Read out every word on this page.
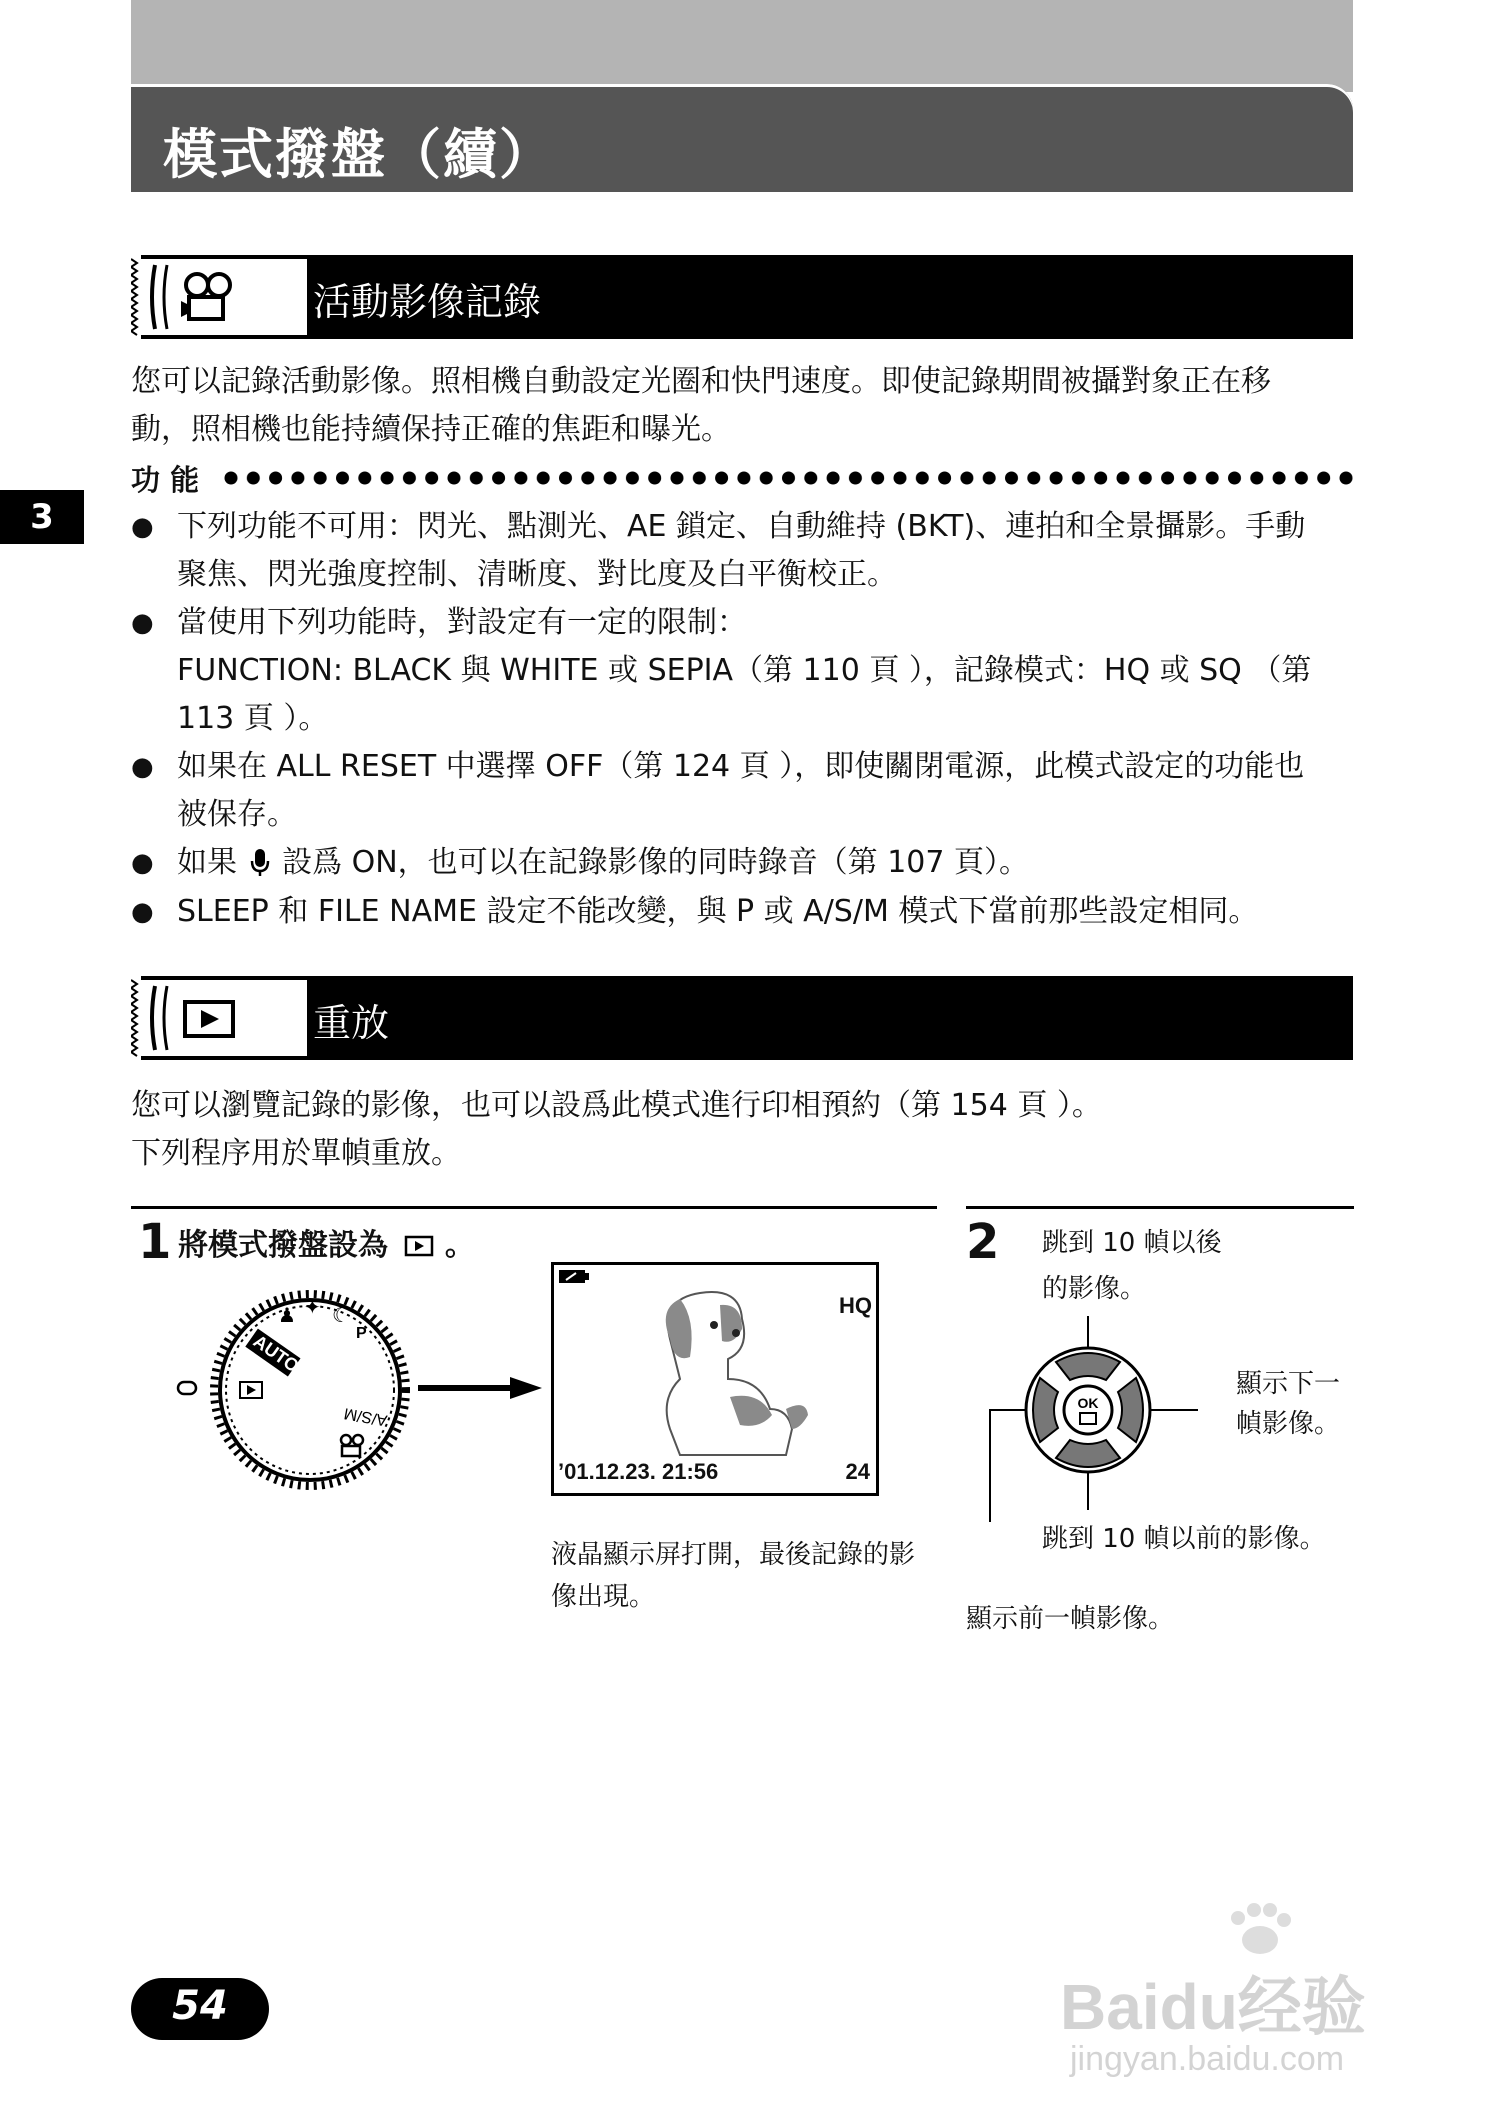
模式撥盤（續）
3
活動影像記錄
您可以記錄活動影像。照相機自動設定光圈和快門速度。即使記錄期間被攝對象正在移
動，照相機也能持續保持正確的焦距和曝光。
功 能
● 下列功能不可用：閃光、點測光、AE 鎖定、自動維持 (BKT)、連拍和全景攝影。手動
聚焦、閃光強度控制、清晰度、對比度及白平衡校正。
● 當使用下列功能時，對設定有一定的限制：
FUNCTION: BLACK 與 WHITE 或 SEPIA（第 110 頁 ），記錄模式：HQ 或 SQ （第
113 頁 ）。
● 如果在 ALL RESET 中選擇 OFF（第 124 頁 ），即使關閉電源，此模式設定的功能也
被保存。
● 如果 設爲 ON，也可以在記錄影像的同時錄音（第 107 頁）。
● SLEEP 和 FILE NAME 設定不能改變，與 P 或 A/S/M 模式下當前那些設定相同。
重放
您可以瀏覽記錄的影像，也可以設爲此模式進行印相預約（第 154 頁 ）。
下列程序用於單幀重放。
1 將模式撥盤設為 。
AUTO
♟ ✦ ☾
P
A/S/M
HQ
’01.12.23. 21:56	24
液晶顯示屏打開，最後記錄的影
像出現。
2 跳到 10 幀以後
的影像。
顯示下一
幀影像。
跳到 10 幀以前的影像。
顯示前一幀影像。
OK
54	Baidu经验
jingyan.baidu.com
